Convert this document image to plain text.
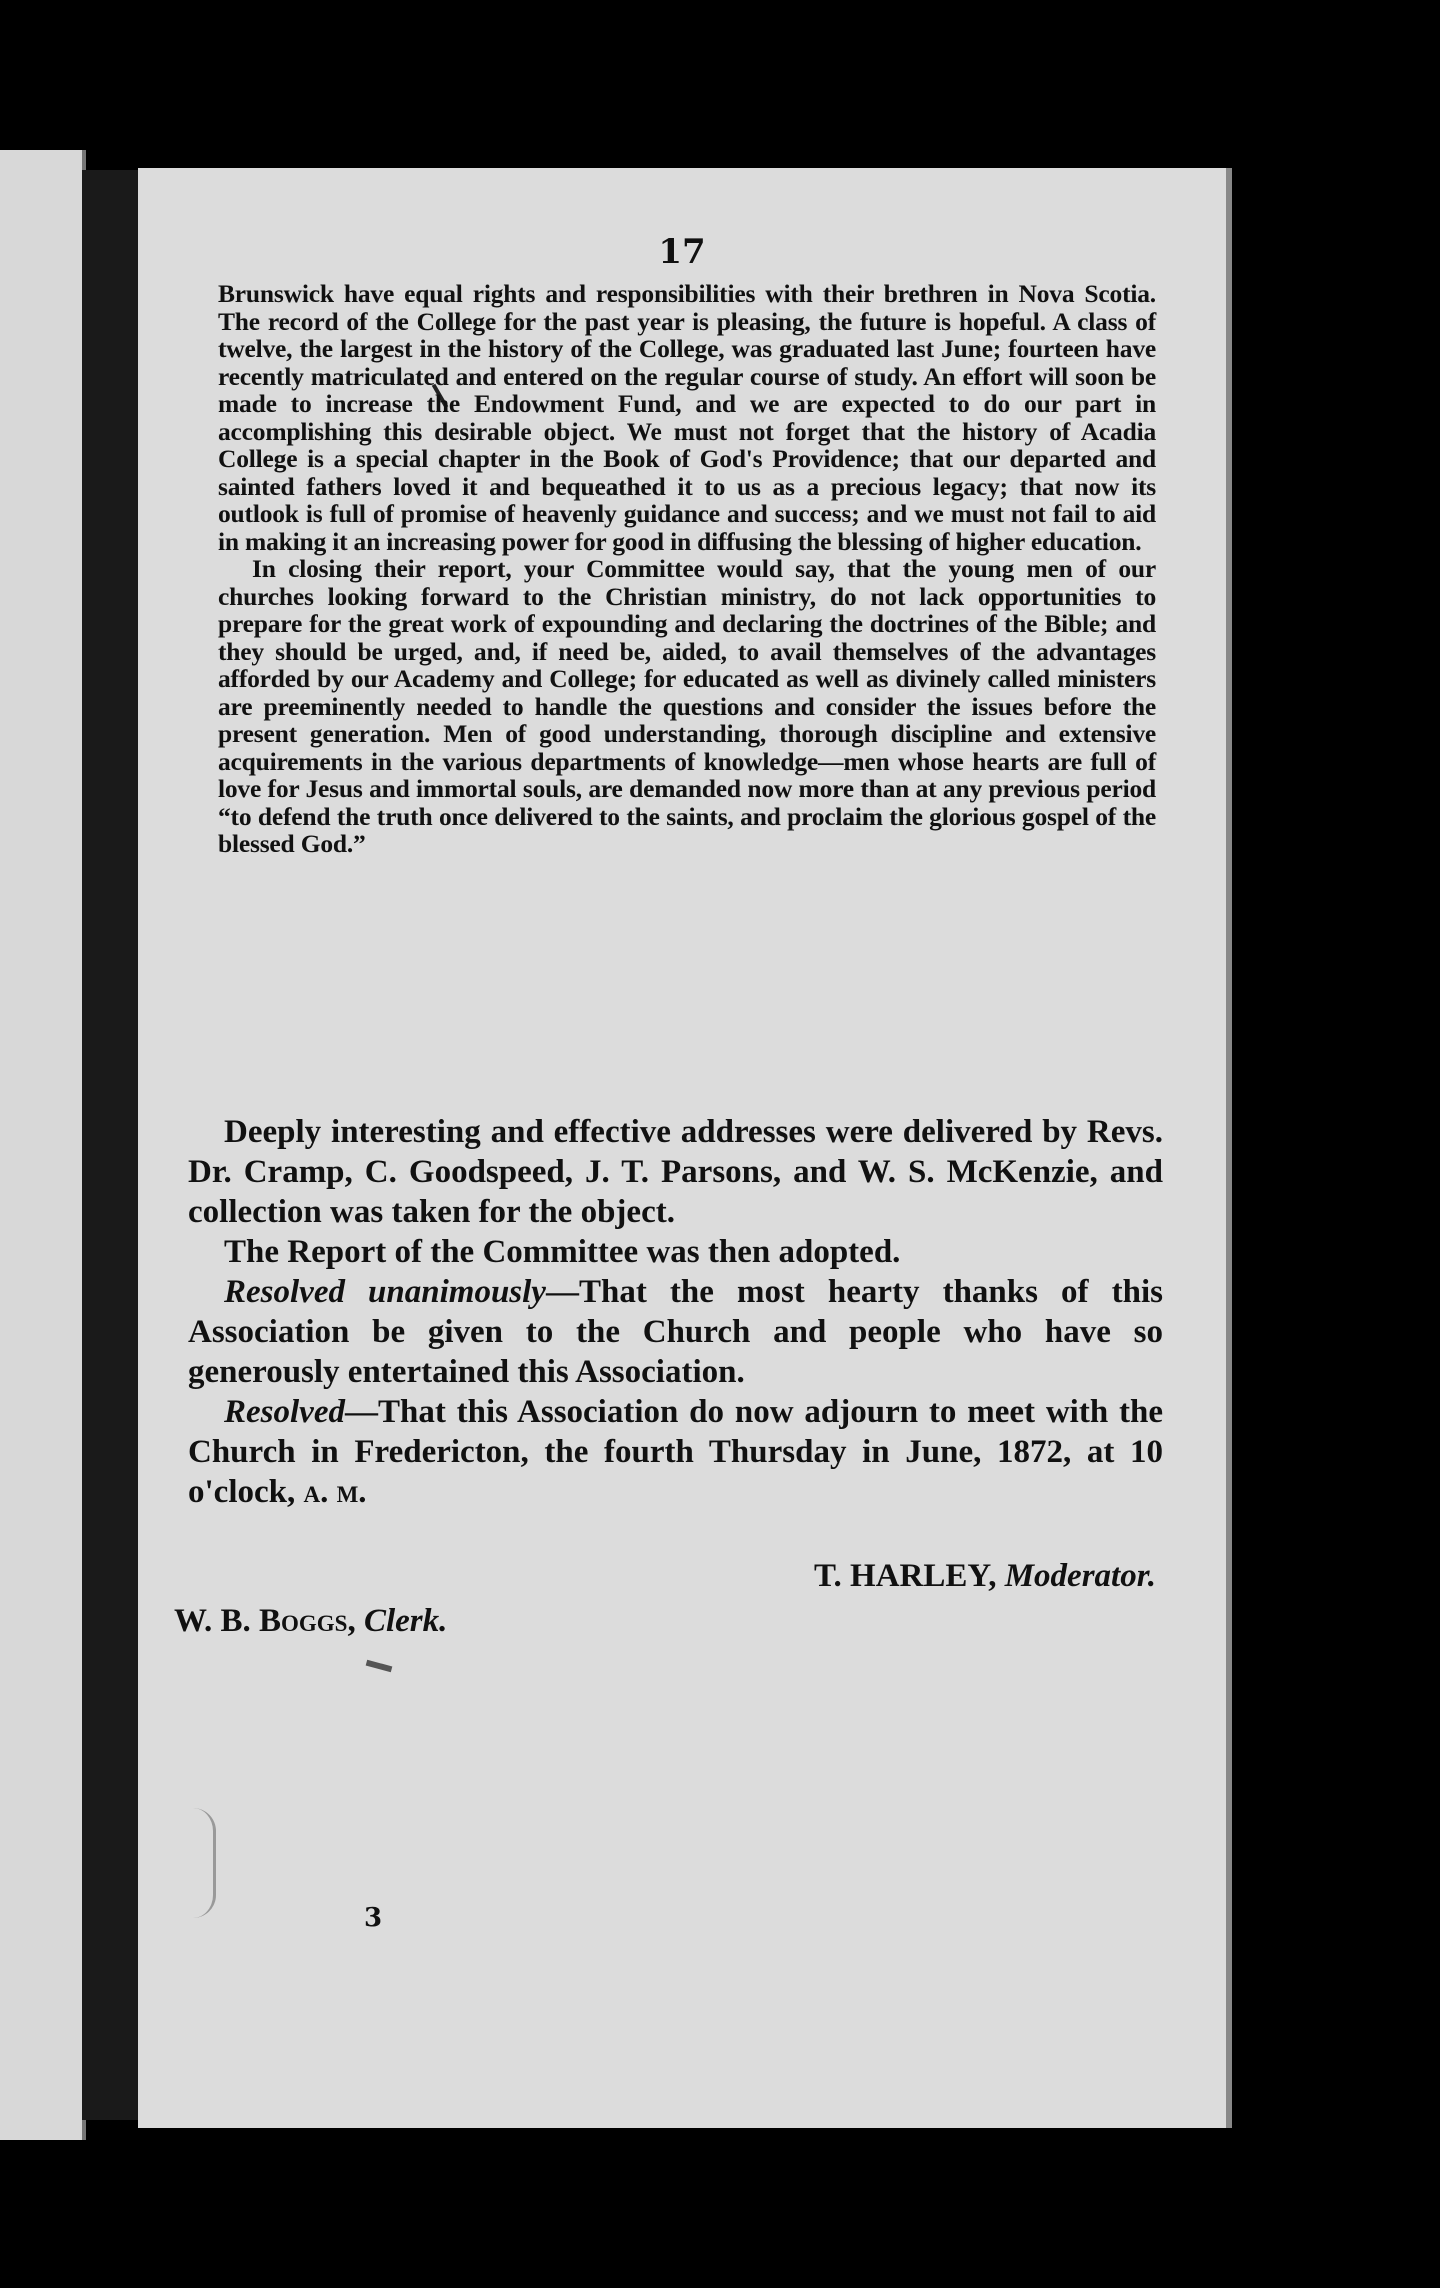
17

Brunswick have equal rights and responsibilities with their brethren in Nova Scotia. The record of the College for the past year is pleasing, the future is hopeful. A class of twelve, the largest in the history of the College, was graduated last June; fourteen have recently matriculated and entered on the regular course of study. An effort will soon be made to increase the Endowment Fund, and we are expected to do our part in accomplishing this desirable object. We must not forget that the history of Acadia College is a special chapter in the Book of God's Providence; that our departed and sainted fathers loved it and bequeathed it to us as a precious legacy; that now its outlook is full of promise of heavenly guidance and success; and we must not fail to aid in making it an increasing power for good in diffusing the blessing of higher education.

In closing their report, your Committee would say, that the young men of our churches looking forward to the Christian ministry, do not lack opportunities to prepare for the great work of expounding and declaring the doctrines of the Bible; and they should be urged, and, if need be, aided, to avail themselves of the advantages afforded by our Academy and College; for educated as well as divinely called ministers are preeminently needed to handle the questions and consider the issues before the present generation. Men of good understanding, thorough discipline and extensive acquirements in the various departments of knowledge—men whose hearts are full of love for Jesus and immortal souls, are demanded now more than at any previous period “to defend the truth once delivered to the saints, and proclaim the glorious gospel of the blessed God.”

Deeply interesting and effective addresses were delivered by Revs. Dr. Cramp, C. Goodspeed, J. T. Parsons, and W. S. McKenzie, and collection was taken for the object.

The Report of the Committee was then adopted.

Resolved unanimously—That the most hearty thanks of this Association be given to the Church and people who have so generously entertained this Association.

Resolved—That this Association do now adjourn to meet with the Church in Fredericton, the fourth Thursday in June, 1872, at 10 o'clock, a. m.

T. HARLEY, Moderator.
W. B. Boggs, Clerk.
3
